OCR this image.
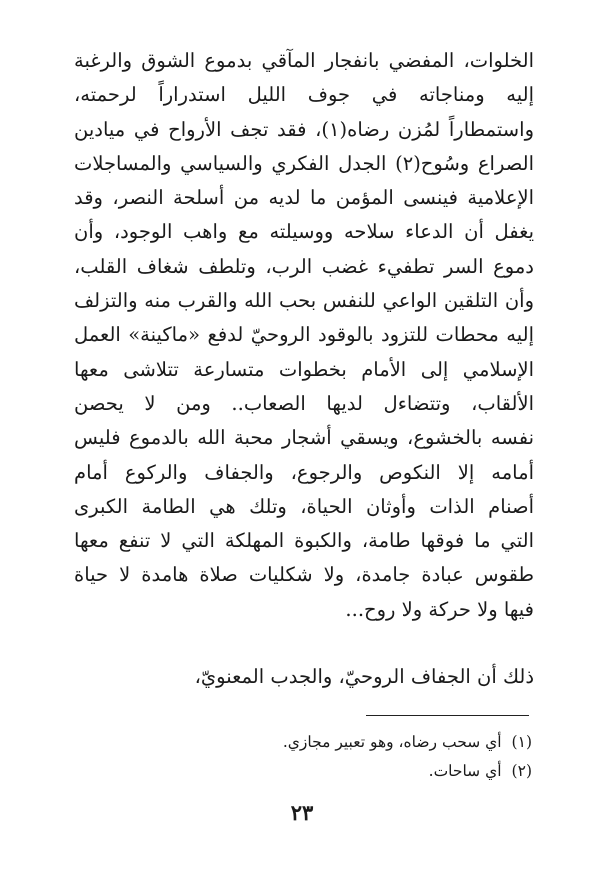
الخلوات، المفضي بانفجار المآقي بدموع الشوق والرغبة
إليه ومناجاته في جوف الليل استدراراً لرحمته،
واستمطاراً لمُزن رضاه(١)، فقد تجف الأرواح في ميادين
الصراع وسُوح(٢) الجدل الفكري والسياسي والمساجلات
الإعلامية فينسى المؤمن ما لديه من أسلحة النصر، وقد
يغفل أن الدعاء سلاحه ووسيلته مع واهب الوجود، وأن
دموع السر تطفيء غضب الرب، وتلطف شغاف القلب،
وأن التلقين الواعي للنفس بحب الله والقرب منه والتزلف
إليه محطات للتزود بالوقود الروحيّ لدفع «ماكينة» العمل
الإسلامي إلى الأمام بخطوات متسارعة تتلاشى معها
الألقاب، وتتضاءل لديها الصعاب.. ومن لا يحصن
نفسه بالخشوع، ويسقي أشجار محبة الله بالدموع فليس
أمامه إلا النكوص والرجوع، والجفاف والركوع أمام
أصنام الذات وأوثان الحياة، وتلك هي الطامة الكبرى
التي ما فوقها طامة، والكبوة المهلكة التي لا تنفع معها
طقوس عبادة جامدة، ولا شكليات صلاة هامدة لا حياة
فيها ولا حركة ولا روح...
ذلك أن الجفاف الروحيّ، والجدب المعنويّ،
(١)أي سحب رضاه، وهو تعبير مجازي.
(٢)أي ساحات.
٢٣
